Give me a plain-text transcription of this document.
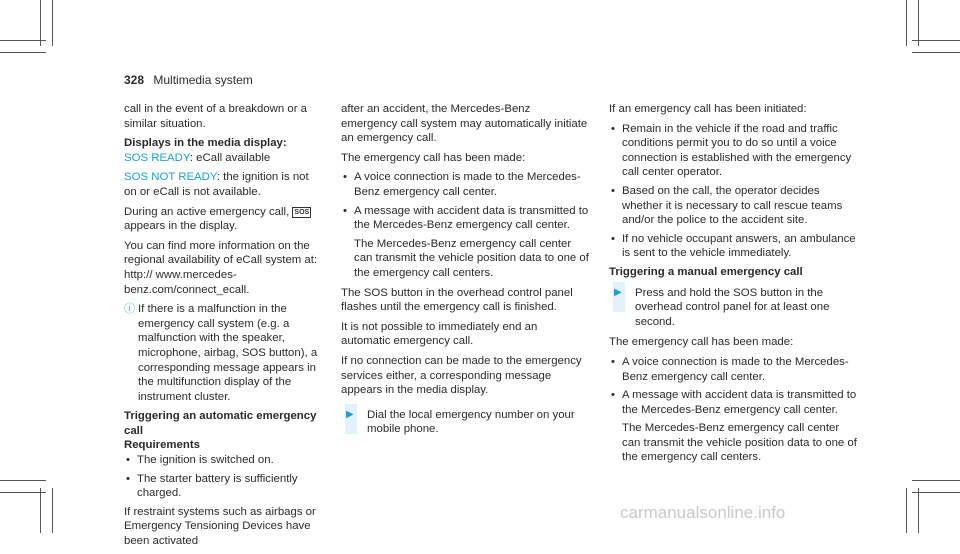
328 Multimedia system

call in the event of a breakdown or a similar situation.

Displays in the media display:

SOS READY: eCall available

SOS NOT READY: the ignition is not on or eCall is not available.

During an active emergency call, SOS appears in the display.

You can find more information on the regional availability of eCall system at: http:// www.mercedes-benz.com/connect_ecall.

ⓘ If there is a malfunction in the emergency call system (e.g. a malfunction with the speaker, microphone, airbag, SOS button), a corresponding message appears in the multifunction display of the instrument cluster.

Triggering an automatic emergency call

Requirements

• The ignition is switched on.
• The starter battery is sufficiently charged.

If restraint systems such as airbags or Emergency Tensioning Devices have been activated

after an accident, the Mercedes-Benz emergency call system may automatically initiate an emergency call.

The emergency call has been made:

• A voice connection is made to the Mercedes-Benz emergency call center.
• A message with accident data is transmitted to the Mercedes-Benz emergency call center.

The Mercedes-Benz emergency call center can transmit the vehicle position data to one of the emergency call centers.

The SOS button in the overhead control panel flashes until the emergency call is finished.

It is not possible to immediately end an automatic emergency call.

If no connection can be made to the emergency services either, a corresponding message appears in the media display.

▶ Dial the local emergency number on your mobile phone.

If an emergency call has been initiated:

• Remain in the vehicle if the road and traffic conditions permit you to do so until a voice connection is established with the emergency call center operator.
• Based on the call, the operator decides whether it is necessary to call rescue teams and/or the police to the accident site.
• If no vehicle occupant answers, an ambulance is sent to the vehicle immediately.

Triggering a manual emergency call

▶ Press and hold the SOS button in the overhead control panel for at least one second.

The emergency call has been made:

• A voice connection is made to the Mercedes-Benz emergency call center.
• A message with accident data is transmitted to the Mercedes-Benz emergency call center.

The Mercedes-Benz emergency call center can transmit the vehicle position data to one of the emergency call centers.

carmanualsonline.info
